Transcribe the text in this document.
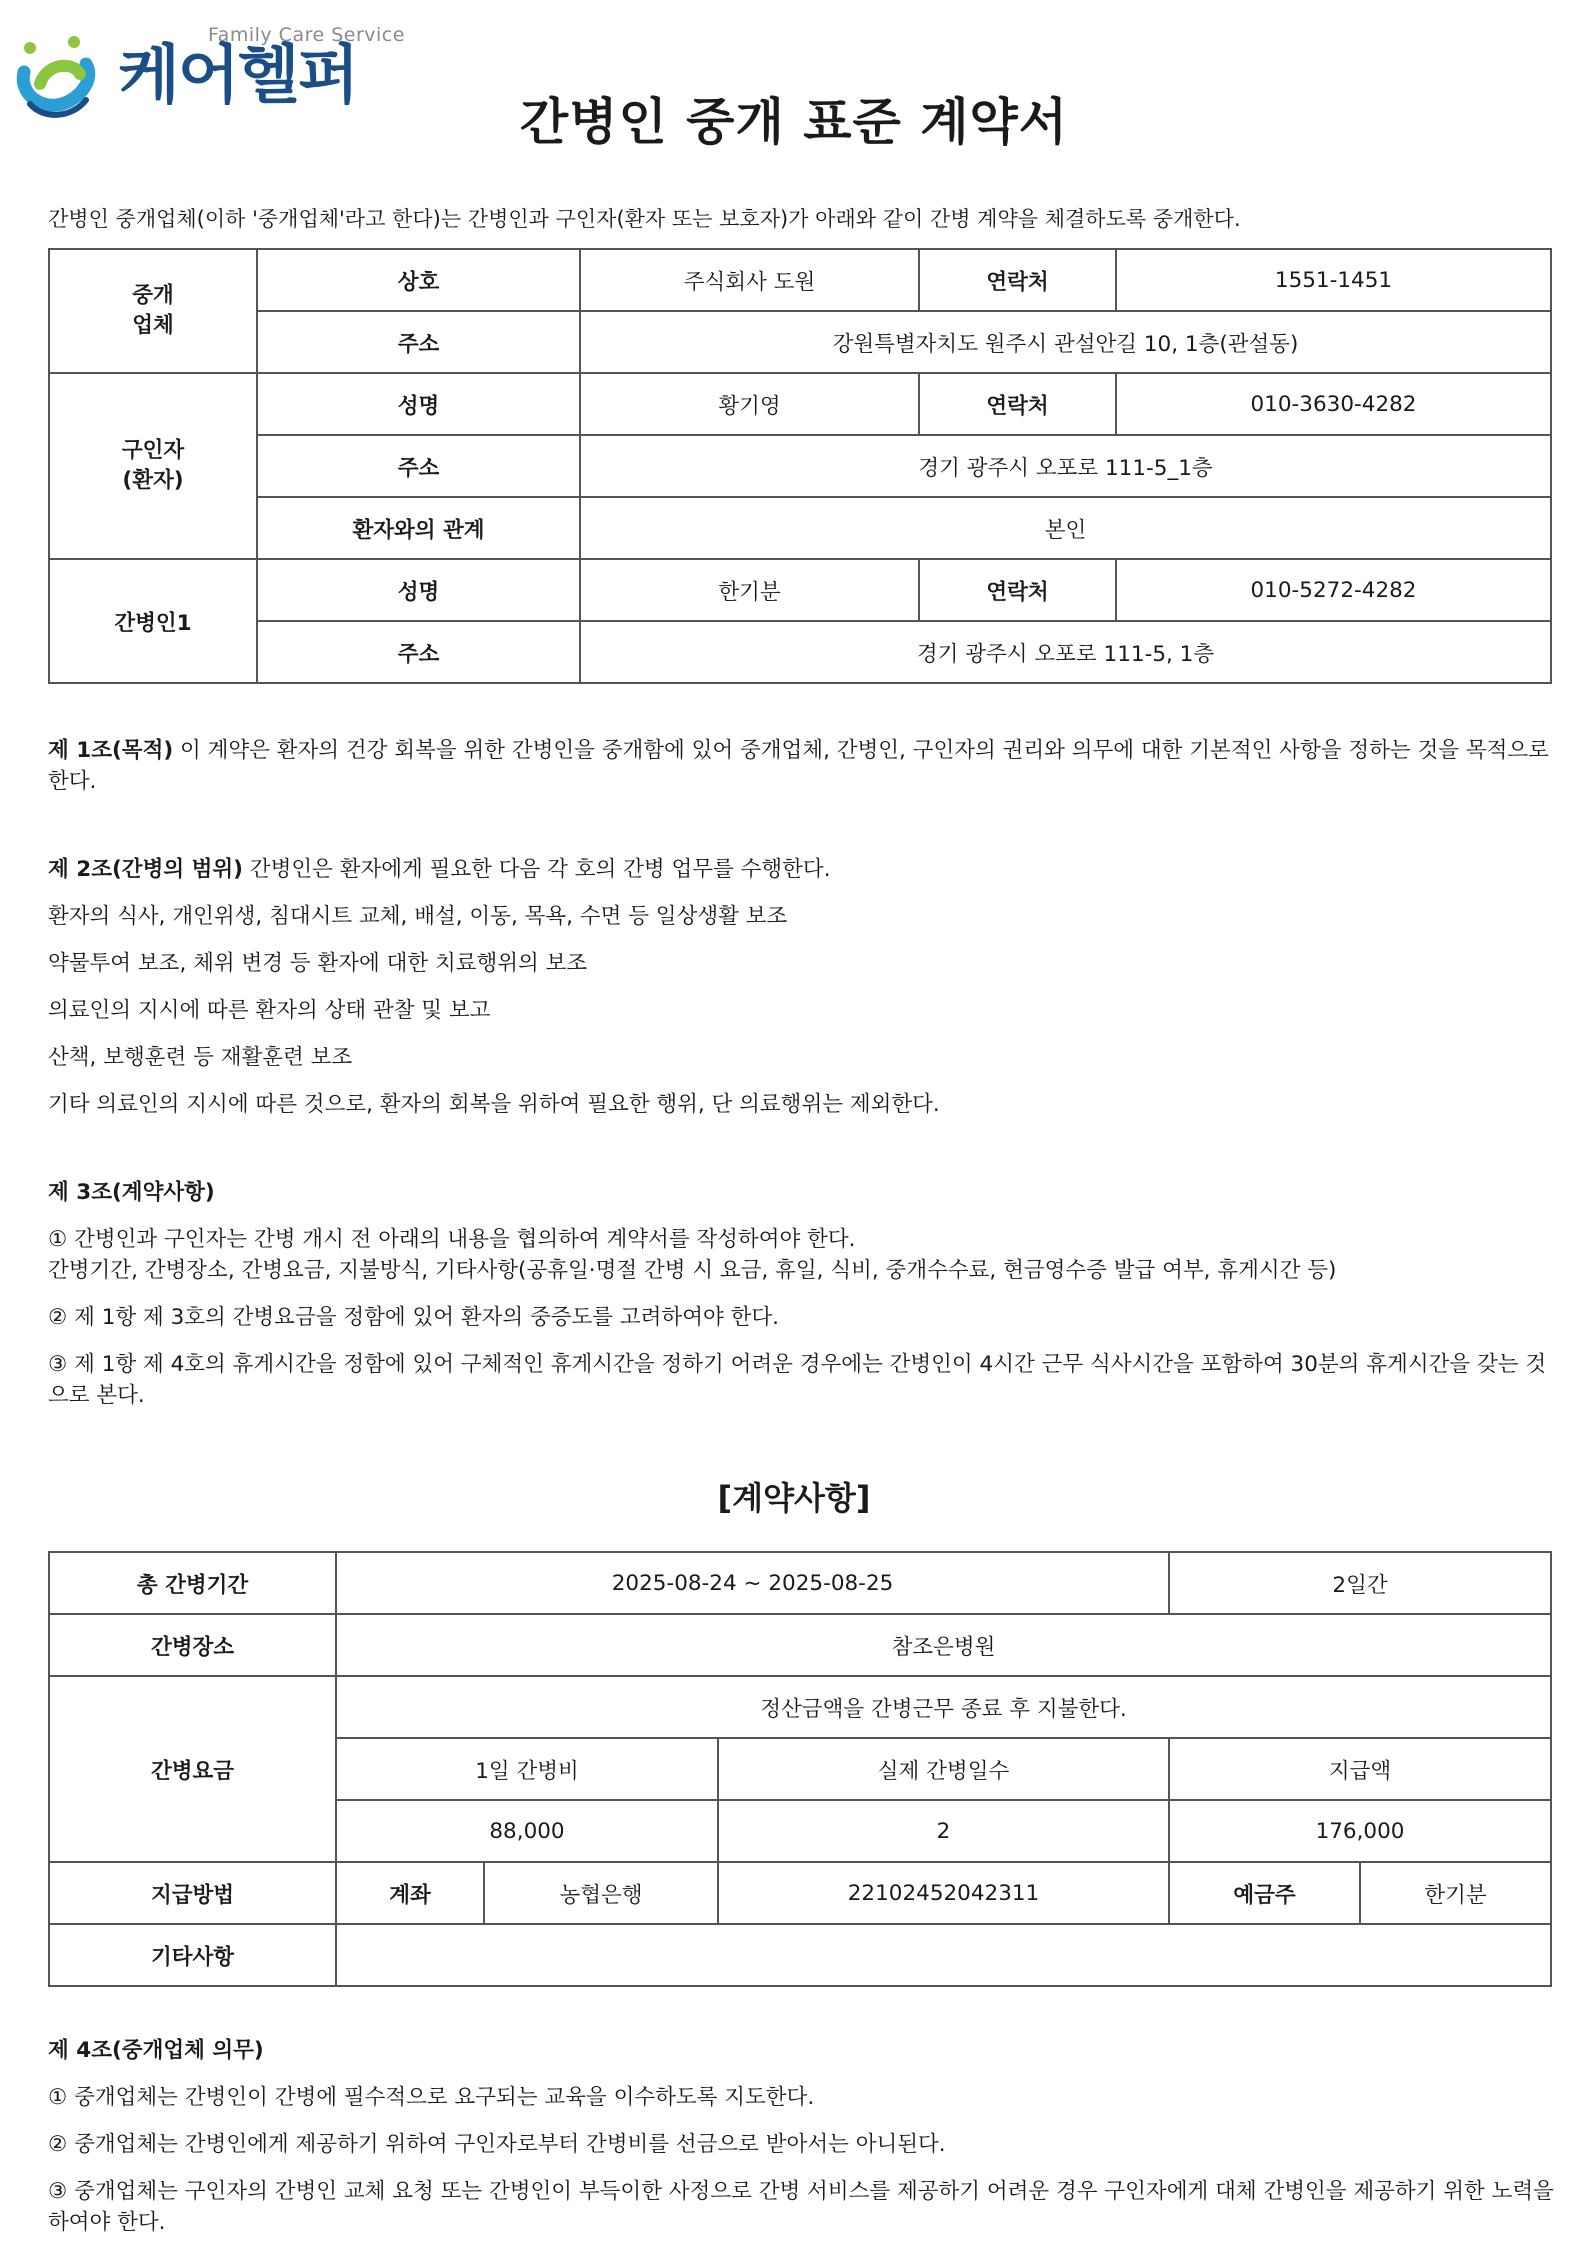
Family Care Service
케어헬퍼
간병인 중개 표준 계약서
간병인 중개업체(이하 '중개업체'라고 한다)는 간병인과 구인자(환자 또는 보호자)가 아래와 같이 간병 계약을 체결하도록 중개한다.
중개
업체	상호	주식회사 도원	연락처	1551-1451
	주소	강원특별자치도 원주시 관설안길 10, 1층(관설동)		
구인자
(환자)	성명	황기영	연락처	010-3630-4282
	주소	경기 광주시 오포로 111-5_1층		
	환자와의 관계	본인		
간병인1	성명	한기분	연락처	010-5272-4282
	주소	경기 광주시 오포로 111-5, 1층		

제 1조(목적) 이 계약은 환자의 건강 회복을 위한 간병인을 중개함에 있어 중개업체, 간병인, 구인자의 권리와 의무에 대한 기본적인 사항을 정하는 것을 목적으로 한다.

제 2조(간병의 범위) 간병인은 환자에게 필요한 다음 각 호의 간병 업무를 수행한다.

환자의 식사, 개인위생, 침대시트 교체, 배설, 이동, 목욕, 수면 등 일상생활 보조

약물투여 보조, 체위 변경 등 환자에 대한 치료행위의 보조

의료인의 지시에 따른 환자의 상태 관찰 및 보고

산책, 보행훈련 등 재활훈련 보조

기타 의료인의 지시에 따른 것으로, 환자의 회복을 위하여 필요한 행위, 단 의료행위는 제외한다.

제 3조(계약사항)

① 간병인과 구인자는 간병 개시 전 아래의 내용을 협의하여 계약서를 작성하여야 한다.
간병기간, 간병장소, 간병요금, 지불방식, 기타사항(공휴일·명절 간병 시 요금, 휴일, 식비, 중개수수료, 현금영수증 발급 여부, 휴게시간 등)

② 제 1항 제 3호의 간병요금을 정함에 있어 환자의 중증도를 고려하여야 한다.

③ 제 1항 제 4호의 휴게시간을 정함에 있어 구체적인 휴게시간을 정하기 어려운 경우에는 간병인이 4시간 근무 식사시간을 포함하여 30분의 휴게시간을 갖는 것으로 본다.

[계약사항]
총 간병기간	2025-08-24 ~ 2025-08-25			2일간	
간병장소	참조은병원				
간병요금	정산금액을 간병근무 종료 후 지불한다.				
	1일 간병비		실제 간병일수	지급액	
	88,000		2	176,000	
지급방법	계좌	농협은행	22102452042311	예금주	한기분
기타사항					

제 4조(중개업체 의무)

① 중개업체는 간병인이 간병에 필수적으로 요구되는 교육을 이수하도록 지도한다.

② 중개업체는 간병인에게 제공하기 위하여 구인자로부터 간병비를 선금으로 받아서는 아니된다.

③ 중개업체는 구인자의 간병인 교체 요청 또는 간병인이 부득이한 사정으로 간병 서비스를 제공하기 어려운 경우 구인자에게 대체 간병인을 제공하기 위한 노력을 하여야 한다.
